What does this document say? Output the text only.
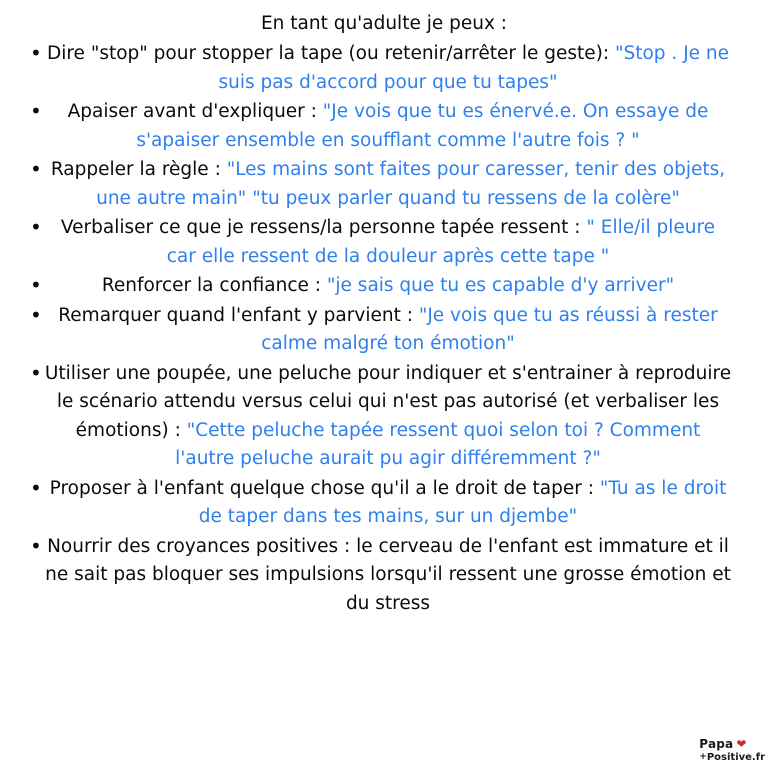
En tant qu'adulte je peux :
• Dire "stop" pour stopper la tape (ou retenir/arrêter le geste): "Stop . Je ne suis pas d'accord pour que tu tapes"
• Apaiser avant d'expliquer : "Je vois que tu es énervé.e. On essaye de s'apaiser ensemble en soufflant comme l'autre fois ? "
• Rappeler la règle : "Les mains sont faites pour caresser, tenir des objets, une autre main" "tu peux parler quand tu ressens de la colère"
• Verbaliser ce que je ressens/la personne tapée ressent : " Elle/il pleure car elle ressent de la douleur après cette tape "
•	Renforcer la confiance : "je sais que tu es capable d'y arriver"
• Remarquer quand l'enfant y parvient : "Je vois que tu as réussi à rester calme malgré ton émotion"
• Utiliser une poupée, une peluche pour indiquer et s'entrainer à reproduire le scénario attendu versus celui qui n'est pas autorisé (et verbaliser les émotions) : "Cette peluche tapée ressent quoi selon toi ? Comment l'autre peluche aurait pu agir différemment ?"
• Proposer à l'enfant quelque chose qu'il a le droit de taper : "Tu as le droit de taper dans tes mains, sur un djembe"
• Nourrir des croyances positives : le cerveau de l'enfant est immature et il ne sait pas bloquer ses impulsions lorsqu'il ressent une grosse émotion et du stress
Papa ❤
+Positive.fr
